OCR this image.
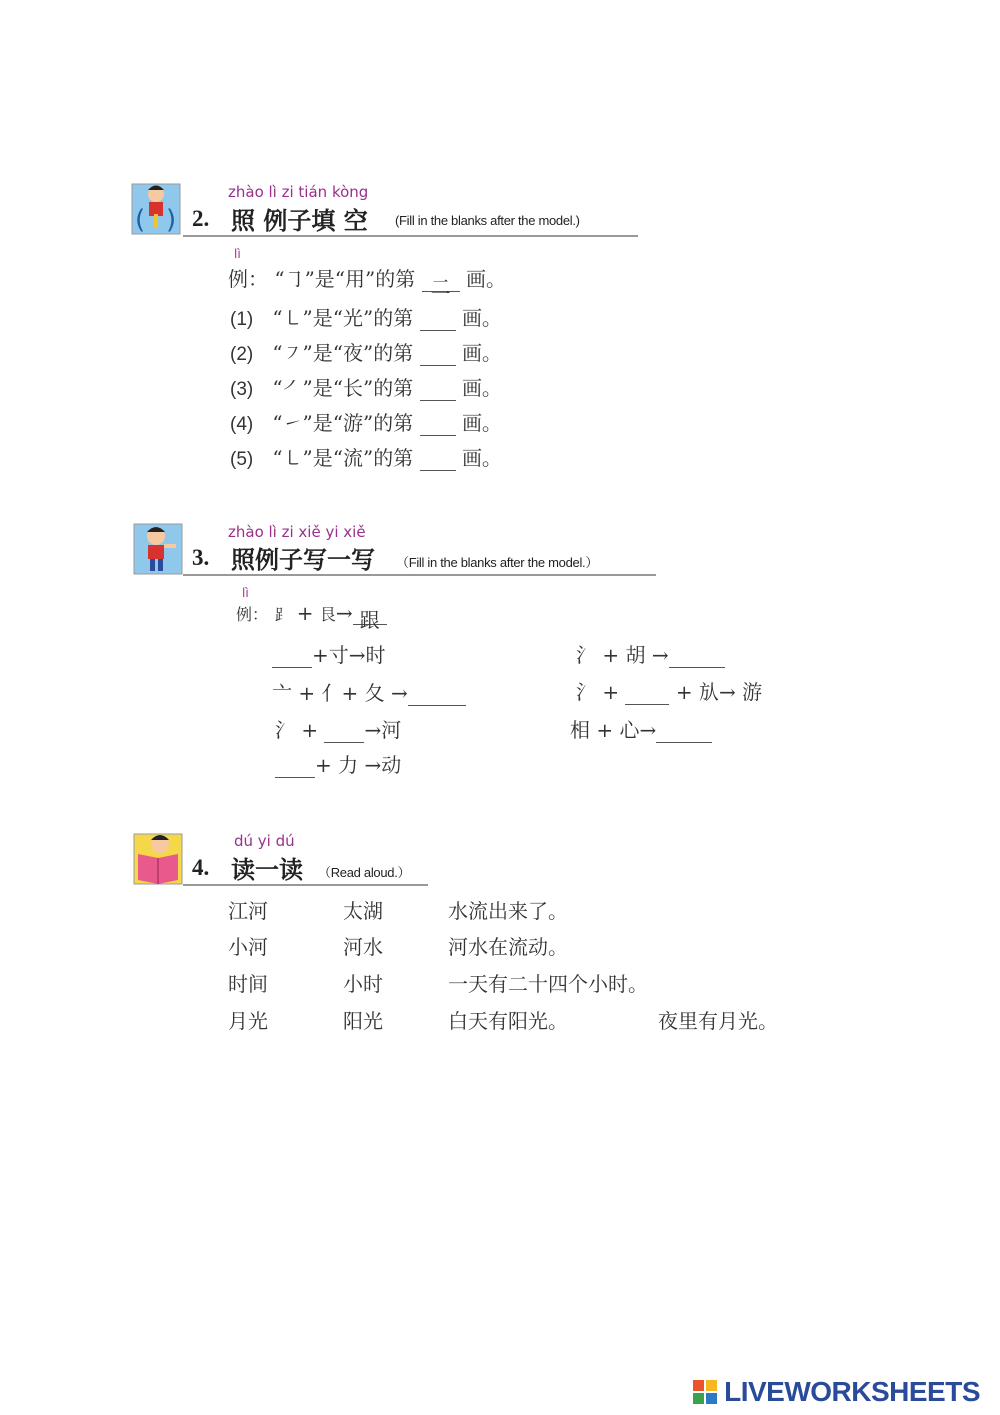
( )
zhào lì zi tián kòng
2. 照 例子填 空 (Fill in the blanks after the model.)
lì
例： “㇆”是“用”的第 二 画。
(1) “㇄”是“光”的第 画。
(2) “㇇”是“夜”的第 画。
(3) “㇒”是“长”的第 画。
(4) “㇀”是“游”的第 画。
(5) “㇄”是“流”的第 画。
zhào lì zi xiě yi xiě
3. 照例子写一写 （Fill in the blanks after the model.）
lì
例： ⻊ + 艮→ 跟
+寸→时
亠 + 亻+ 夂 →
氵 + →河
+ 力 →动
氵 + 胡 →
氵 +	+ 㫃→ 游
相 + 心→
dú yi dú
4. 读一读 （Read aloud.）
江河	太湖	水流出来了。
小河	河水	河水在流动。
时间	小时	一天有二十四个小时。
月光	阳光	白天有阳光。	夜里有月光。
LIVEWORKSHEETS
